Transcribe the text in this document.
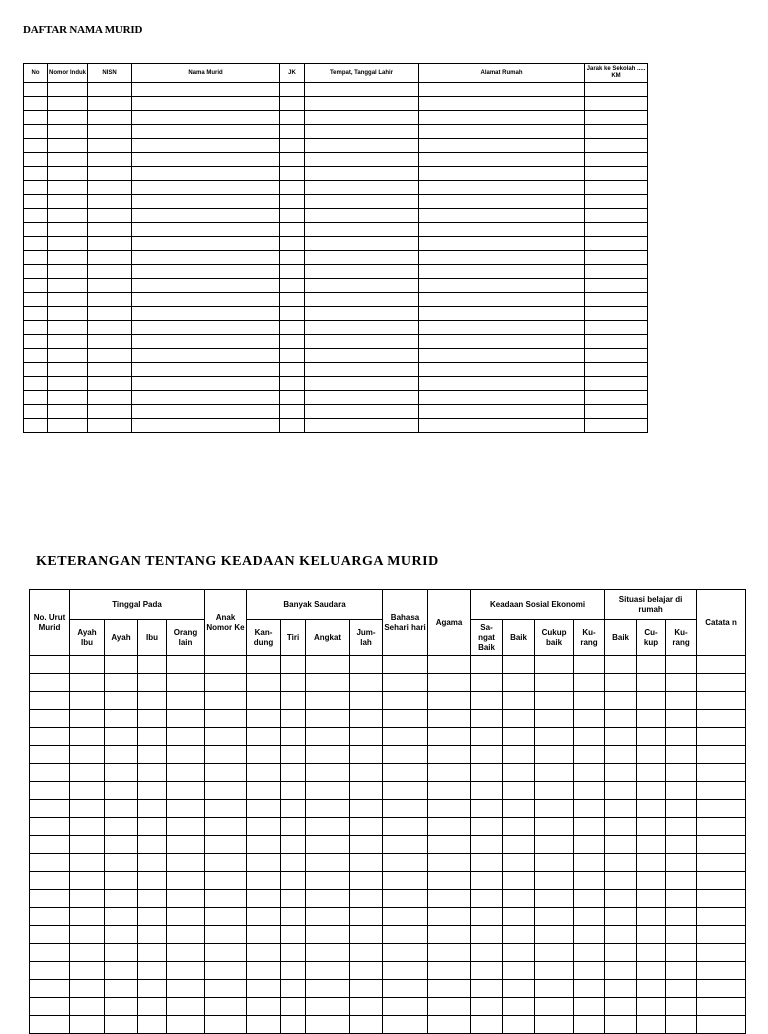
DAFTAR NAMA MURID
No	Nomor Induk	NISN	Nama Murid	JK	Tempat, Tanggal Lahir	Alamat Rumah	Jarak ke Sekolah ..... KM

KETERANGAN TENTANG KEADAAN KELUARGA MURID
No. Urut Murid	Tinggal Pada				Anak Nomor Ke	Banyak Saudara				Bahasa Sehari hari	Agama	Keadaan Sosial Ekonomi				Situasi belajar di rumah			Catata n
	Ayah Ibu	Ayah	Ibu	Orang lain		Kan- dung	Tiri	Angkat	Jum- lah			Sa- ngat Baik	Baik	Cukup baik	Ku- rang	Baik	Cu- kup	Ku- rang	
